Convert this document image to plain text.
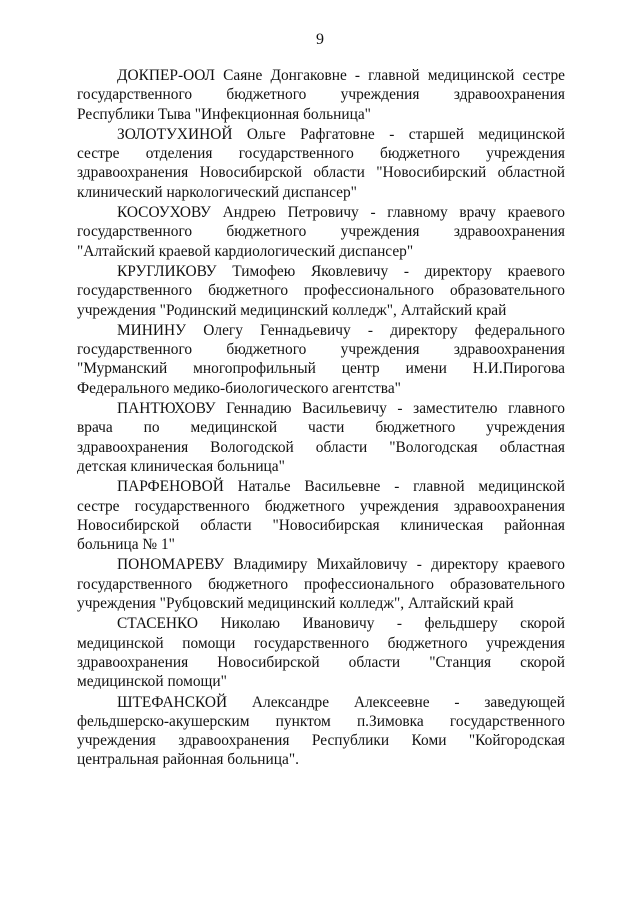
9

ДОКПЕР-ООЛ Саяне Донгаковне - главной медицинской сестре
государственного бюджетного учреждения здравоохранения
Республики Тыва "Инфекционная больница"

ЗОЛОТУХИНОЙ Ольге Рафгатовне - старшей медицинской
сестре отделения государственного бюджетного учреждения
здравоохранения Новосибирской области "Новосибирский областной
клинический наркологический диспансер"

КОСОУХОВУ Андрею Петровичу - главному врачу краевого
государственного бюджетного учреждения здравоохранения
"Алтайский краевой кардиологический диспансер"

КРУГЛИКОВУ Тимофею Яковлевичу - директору краевого
государственного бюджетного профессионального образовательного
учреждения "Родинский медицинский колледж", Алтайский край

МИНИНУ Олегу Геннадьевичу - директору федерального
государственного бюджетного учреждения здравоохранения
"Мурманский многопрофильный центр имени Н.И.Пирогова
Федерального медико-биологического агентства"

ПАНТЮХОВУ Геннадию Васильевичу - заместителю главного
врача по медицинской части бюджетного учреждения
здравоохранения Вологодской области "Вологодская областная
детская клиническая больница"

ПАРФЕНОВОЙ Наталье Васильевне - главной медицинской
сестре государственного бюджетного учреждения здравоохранения
Новосибирской области "Новосибирская клиническая районная
больница № 1"

ПОНОМАРЕВУ Владимиру Михайловичу - директору краевого
государственного бюджетного профессионального образовательного
учреждения "Рубцовский медицинский колледж", Алтайский край

СТАСЕНКО Николаю Ивановичу - фельдшеру скорой
медицинской помощи государственного бюджетного учреждения
здравоохранения Новосибирской области "Станция скорой
медицинской помощи"

ШТЕФАНСКОЙ Александре Алексеевне - заведующей
фельдшерско-акушерским пунктом п.Зимовка государственного
учреждения здравоохранения Республики Коми "Койгородская
центральная районная больница".
